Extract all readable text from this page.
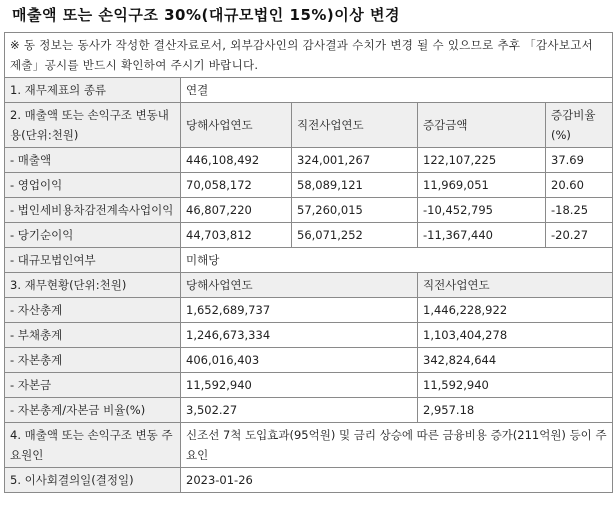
매출액 또는 손익구조 30%(대규모법인 15%)이상 변경
※ 동 정보는 동사가 작성한 결산자료로서, 외부감사인의 감사결과 수치가 변경 될 수 있으므로 추후 「감사보고서 제출」공시를 반드시 확인하여 주시기 바랍니다.				
1. 재무제표의 종류	연결			
2. 매출액 또는 손익구조 변동내용(단위:천원)	당해사업연도	직전사업연도	증감금액	증감비율(%)
- 매출액	446,108,492	324,001,267	122,107,225	37.69
- 영업이익	70,058,172	58,089,121	11,969,051	20.60
- 법인세비용차감전계속사업이익	46,807,220	57,260,015	-10,452,795	-18.25
- 당기순이익	44,703,812	56,071,252	-11,367,440	-20.27
- 대규모법인여부	미해당			
3. 재무현황(단위:천원)	당해사업연도		직전사업연도	
- 자산총계	1,652,689,737		1,446,228,922	
- 부채총계	1,246,673,334		1,103,404,278	
- 자본총계	406,016,403		342,824,644	
- 자본금	11,592,940		11,592,940	
- 자본총계/자본금 비율(%)	3,502.27		2,957.18	
4. 매출액 또는 손익구조 변동 주요원인	신조선 7척 도입효과(95억원) 및 금리 상승에 따른 금융비용 증가(211억원) 등이 주 요인			
5. 이사회결의일(결정일)	2023-01-26			
